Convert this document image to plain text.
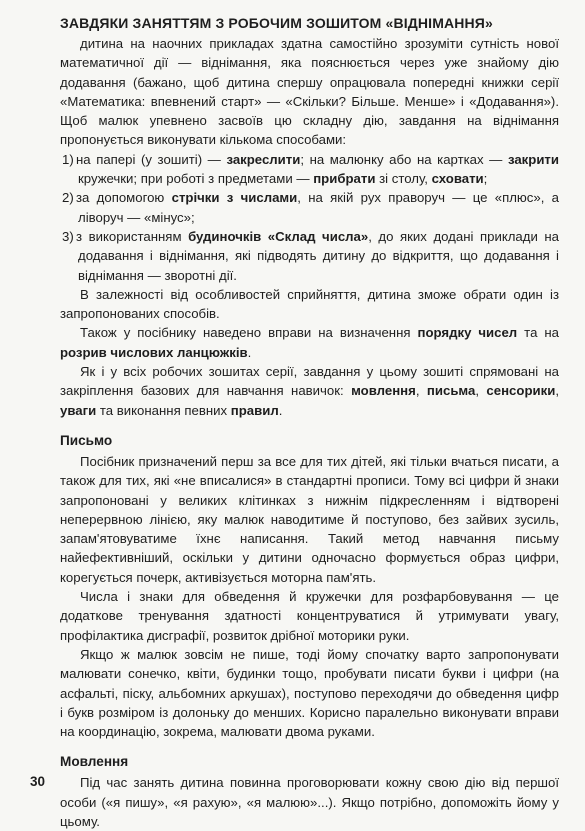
ЗАВДЯКИ ЗАНЯТТЯМ З РОБОЧИМ ЗОШИТОМ «ВІДНІМАННЯ»

дитина на наочних прикладах здатна самостійно зрозуміти сутність нової математичної дії — віднімання, яка пояснюється через уже знайому дію додавання (бажано, щоб дитина спершу опрацювала попередні книжки серії «Математика: впевнений старт» — «Скільки? Більше. Менше» і «Додавання»). Щоб малюк упевнено засвоїв цю складну дію, завдання на віднімання пропонується виконувати кількома способами:

1) на папері (у зошиті) — закреслити; на малюнку або на картках — закрити кружечки; при роботі з предметами — прибрати зі столу, сховати;

2) за допомогою стрічки з числами, на якій рух праворуч — це «плюс», а ліворуч — «мінус»;

3) з використанням будиночків «Склад числа», до яких додані приклади на додавання і віднімання, які підводять дитину до відкриття, що додавання і віднімання — зворотні дії.

В залежності від особливостей сприйняття, дитина зможе обрати один із запропонованих способів.

Також у посібнику наведено вправи на визначення порядку чисел та на розрив числових ланцюжків.

Як і у всіх робочих зошитах серії, завдання у цьому зошиті спрямовані на закріплення базових для навчання навичок: мовлення, письма, сенсорики, уваги та виконання певних правил.

Письмо

Посібник призначений перш за все для тих дітей, які тільки вчаться писати, а також для тих, які «не вписалися» в стандартні прописи. Тому всі цифри й знаки запропоновані у великих клітинках з нижнім підкресленням і відтворені неперервною лінією, яку малюк наводитиме й поступово, без зайвих зусиль, запам'ятовуватиме їхнє написання. Такий метод навчання письму найефективніший, оскільки у дитини одночасно формується образ цифри, корегується почерк, активізується моторна пам'ять.

Числа і знаки для обведення й кружечки для розфарбовування — це додаткове тренування здатності концентруватися й утримувати увагу, профілактика дисграфії, розвиток дрібної моторики руки.

Якщо ж малюк зовсім не пише, тоді йому спочатку варто запропонувати малювати сонечко, квіти, будинки тощо, пробувати писати букви і цифри (на асфальті, піску, альбомних аркушах), поступово переходячи до обведення цифр і букв розміром із долоньку до менших. Корисно паралельно виконувати вправи на координацію, зокрема, малювати двома руками.

Мовлення

Під час занять дитина повинна проговорювати кожну свою дію від першої особи («я пишу», «я рахую», «я малюю»...). Якщо потрібно, допоможіть йому у цьому.

30
